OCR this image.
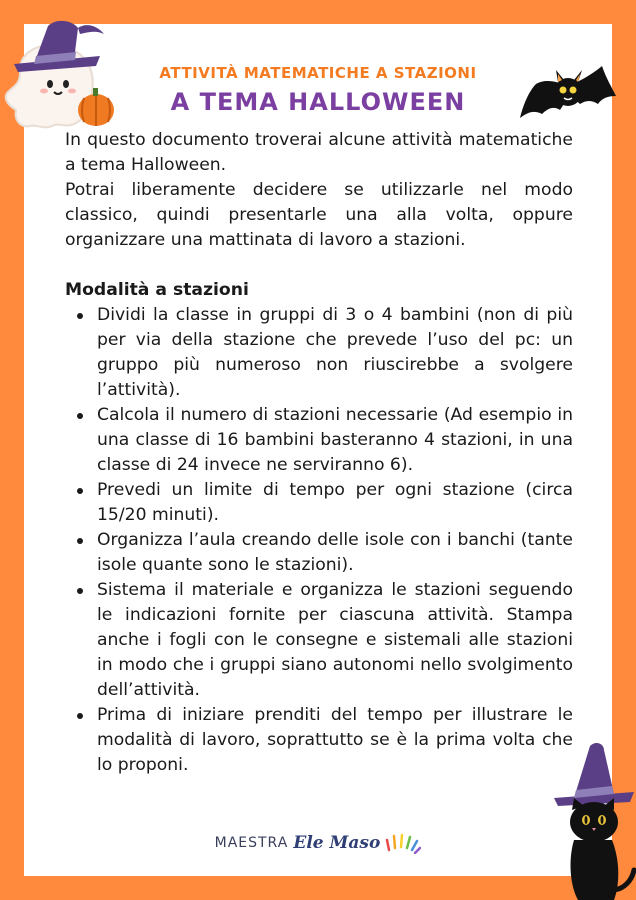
ATTIVITÀ MATEMATICHE A STAZIONI
A TEMA HALLOWEEN

In questo documento troverai alcune attività matematiche a tema Halloween.

Potrai liberamente decidere se utilizzarle nel modo classico, quindi presentarle una alla volta, oppure organizzare una mattinata di lavoro a stazioni.

Modalità a stazioni

Dividi la classe in gruppi di 3 o 4 bambini (non di più per via della stazione che prevede l’uso del pc: un gruppo più numeroso non riuscirebbe a svolgere l’attività).
Calcola il numero di stazioni necessarie (Ad esempio in una classe di 16 bambini basteranno 4 stazioni, in una classe di 24 invece ne serviranno 6).
Prevedi un limite di tempo per ogni stazione (circa 15/20 minuti).
Organizza l’aula creando delle isole con i banchi (tante isole quante sono le stazioni).
Sistema il materiale e organizza le stazioni seguendo le indicazioni fornite per ciascuna attività. Stampa anche i fogli con le consegne e sistemali alle stazioni in modo che i gruppi siano autonomi nello svolgimento dell’attività.
Prima di iniziare prenditi del tempo per illustrare le modalità di lavoro, soprattutto se è la prima volta che lo proponi.
MAESTRA Ele Maso
